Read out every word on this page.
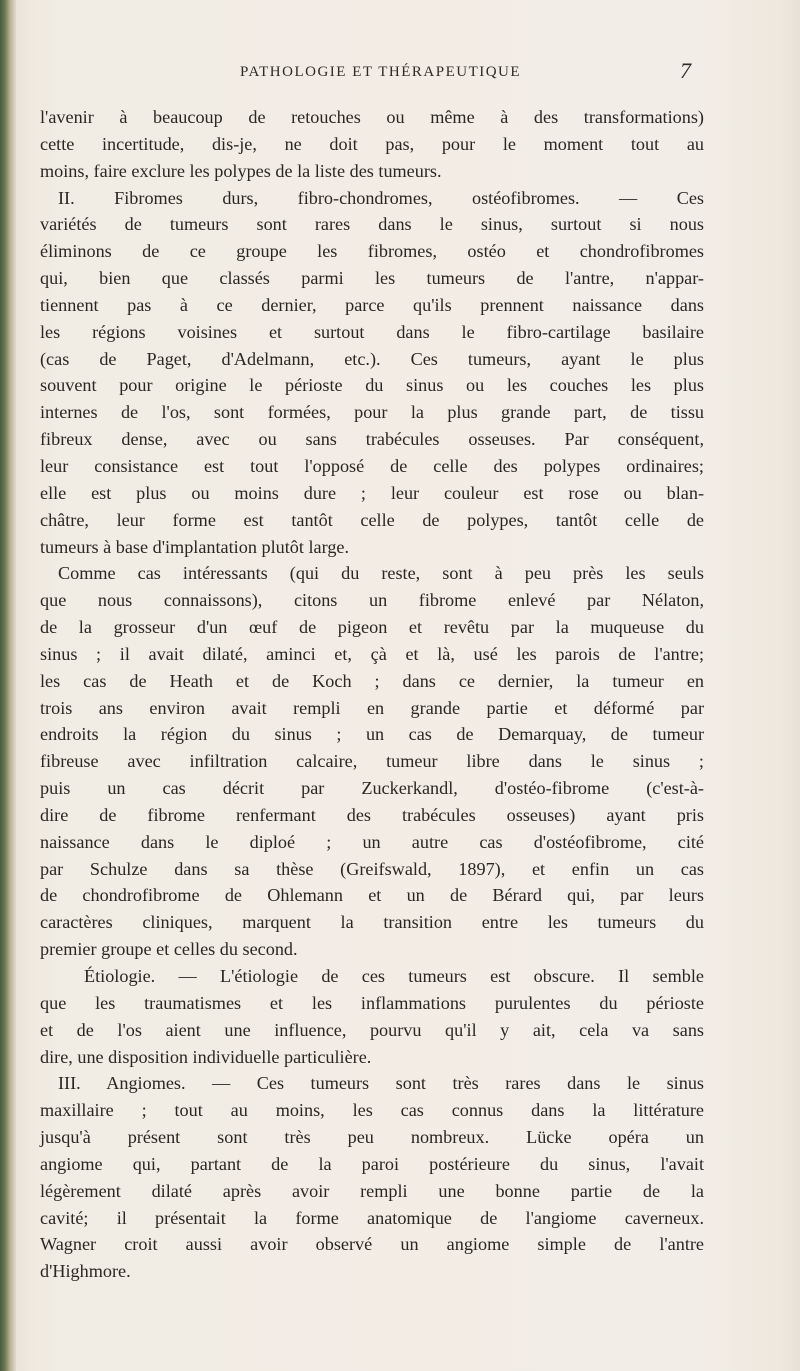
PATHOLOGIE ET THÉRAPEUTIQUE	7
l'avenir à beaucoup de retouches ou même à des transformations)
cette incertitude, dis-je, ne doit pas, pour le moment tout au
moins, faire exclure les polypes de la liste des tumeurs.
II. Fibromes durs, fibro-chondromes, ostéofibromes. — Ces
variétés de tumeurs sont rares dans le sinus, surtout si nous
éliminons de ce groupe les fibromes, ostéo et chondrofibromes
qui, bien que classés parmi les tumeurs de l'antre, n'appar-
tiennent pas à ce dernier, parce qu'ils prennent naissance dans
les régions voisines et surtout dans le fibro-cartilage basilaire
(cas de Paget, d'Adelmann, etc.). Ces tumeurs, ayant le plus
souvent pour origine le périoste du sinus ou les couches les plus
internes de l'os, sont formées, pour la plus grande part, de tissu
fibreux dense, avec ou sans trabécules osseuses. Par conséquent,
leur consistance est tout l'opposé de celle des polypes ordinaires;
elle est plus ou moins dure ; leur couleur est rose ou blan-
châtre, leur forme est tantôt celle de polypes, tantôt celle de
tumeurs à base d'implantation plutôt large.
Comme cas intéressants (qui du reste, sont à peu près les seuls
que nous connaissons), citons un fibrome enlevé par Nélaton,
de la grosseur d'un œuf de pigeon et revêtu par la muqueuse du
sinus ; il avait dilaté, aminci et, çà et là, usé les parois de l'antre;
les cas de Heath et de Koch ; dans ce dernier, la tumeur en
trois ans environ avait rempli en grande partie et déformé par
endroits la région du sinus ; un cas de Demarquay, de tumeur
fibreuse avec infiltration calcaire, tumeur libre dans le sinus ;
puis un cas décrit par Zuckerkandl, d'ostéo-fibrome (c'est-à-
dire de fibrome renfermant des trabécules osseuses) ayant pris
naissance dans le diploé ; un autre cas d'ostéofibrome, cité
par Schulze dans sa thèse (Greifswald, 1897), et enfin un cas
de chondrofibrome de Ohlemann et un de Bérard qui, par leurs
caractères cliniques, marquent la transition entre les tumeurs du
premier groupe et celles du second.
Étiologie. — L'étiologie de ces tumeurs est obscure. Il semble
que les traumatismes et les inflammations purulentes du périoste
et de l'os aient une influence, pourvu qu'il y ait, cela va sans
dire, une disposition individuelle particulière.
III. Angiomes. — Ces tumeurs sont très rares dans le sinus
maxillaire ; tout au moins, les cas connus dans la littérature
jusqu'à présent sont très peu nombreux. Lücke opéra un
angiome qui, partant de la paroi postérieure du sinus, l'avait
légèrement dilaté après avoir rempli une bonne partie de la
cavité; il présentait la forme anatomique de l'angiome caverneux.
Wagner croit aussi avoir observé un angiome simple de l'antre
d'Highmore.
